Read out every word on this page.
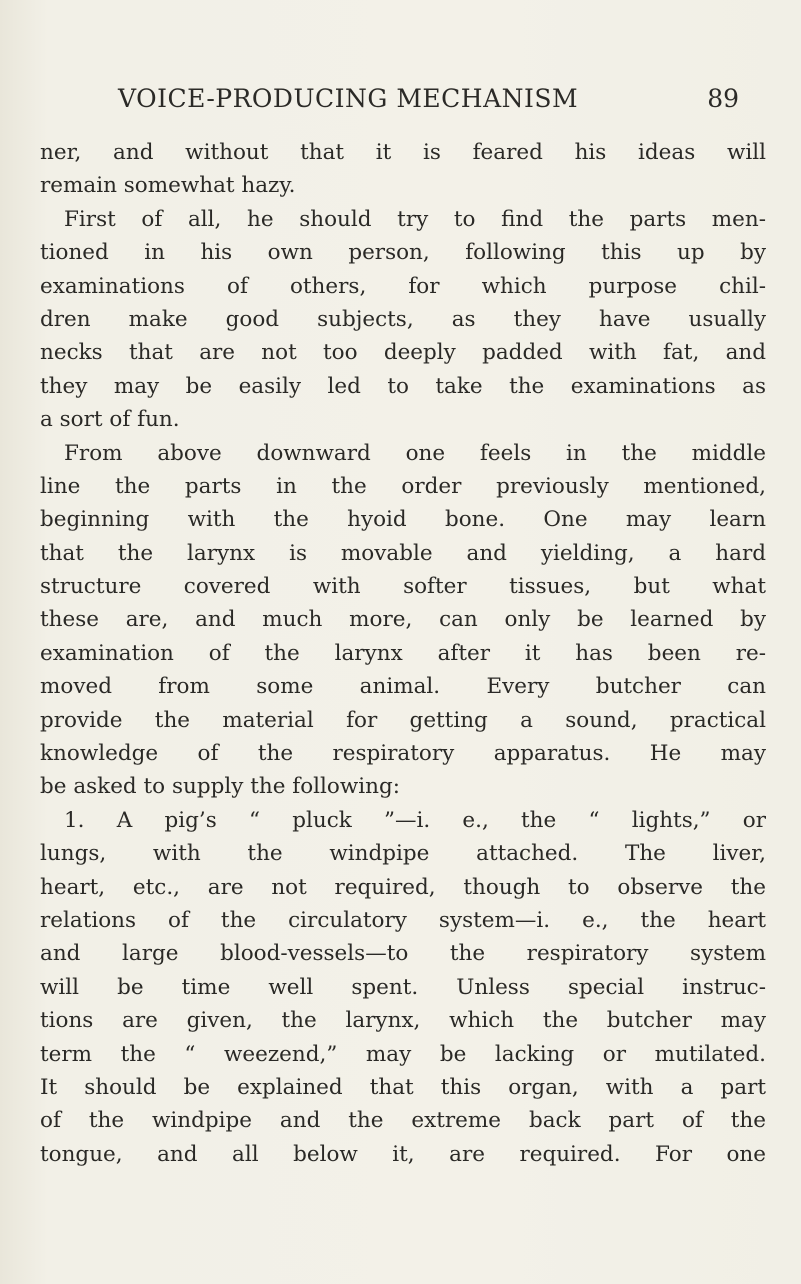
VOICE-PRODUCING MECHANISM	89
ner, and without that it is feared his ideas will
remain somewhat hazy.
First of all, he should try to find the parts men-
tioned in his own person, following this up by
examinations of others, for which purpose chil-
dren make good subjects, as they have usually
necks that are not too deeply padded with fat, and
they may be easily led to take the examinations as
a sort of fun.
From above downward one feels in the middle
line the parts in the order previously mentioned,
beginning with the hyoid bone. One may learn
that the larynx is movable and yielding, a hard
structure covered with softer tissues, but what
these are, and much more, can only be learned by
examination of the larynx after it has been re-
moved from some animal. Every butcher can
provide the material for getting a sound, practical
knowledge of the respiratory apparatus. He may
be asked to supply the following:
1. A pig’s “ pluck ”—i. e., the “ lights,” or
lungs, with the windpipe attached. The liver,
heart, etc., are not required, though to observe the
relations of the circulatory system—i. e., the heart
and large blood-vessels—to the respiratory system
will be time well spent. Unless special instruc-
tions are given, the larynx, which the butcher may
term the “ weezend,” may be lacking or mutilated.
It should be explained that this organ, with a part
of the windpipe and the extreme back part of the
tongue, and all below it, are required. For one
